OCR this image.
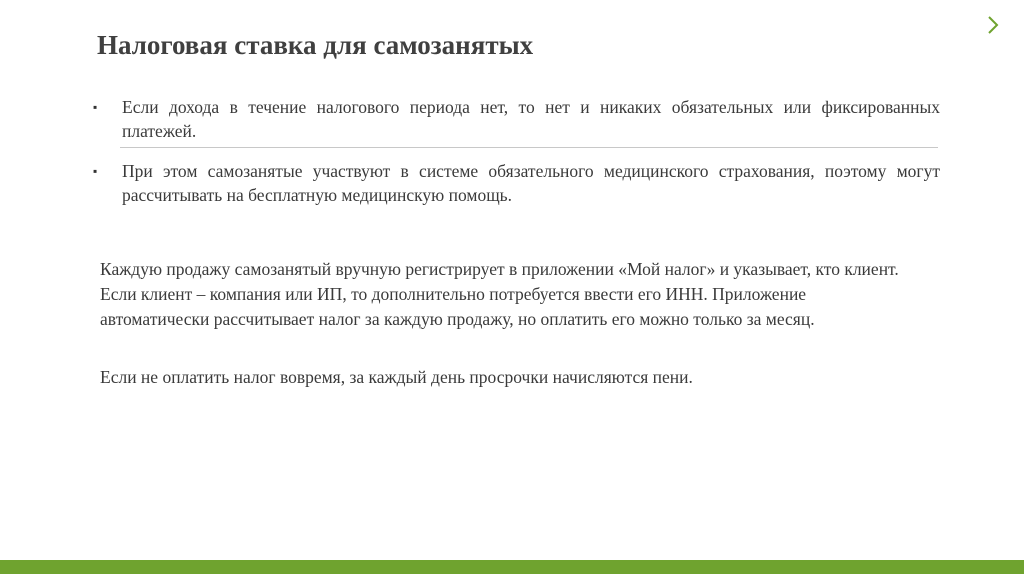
Налоговая ставка для самозанятых
▪ Если дохода в течение налогового периода нет, то нет и никаких обязательных или фиксированных платежей.
▪ При этом самозанятые участвуют в системе обязательного медицинского страхования, поэтому могут рассчитывать на бесплатную медицинскую помощь.

Каждую продажу самозанятый вручную регистрирует в приложении «Мой налог» и указывает, кто клиент. Если клиент – компания или ИП, то дополнительно потребуется ввести его ИНН. Приложение автоматически рассчитывает налог за каждую продажу, но оплатить его можно только за месяц.

Если не оплатить налог вовремя, за каждый день просрочки начисляются пени.
